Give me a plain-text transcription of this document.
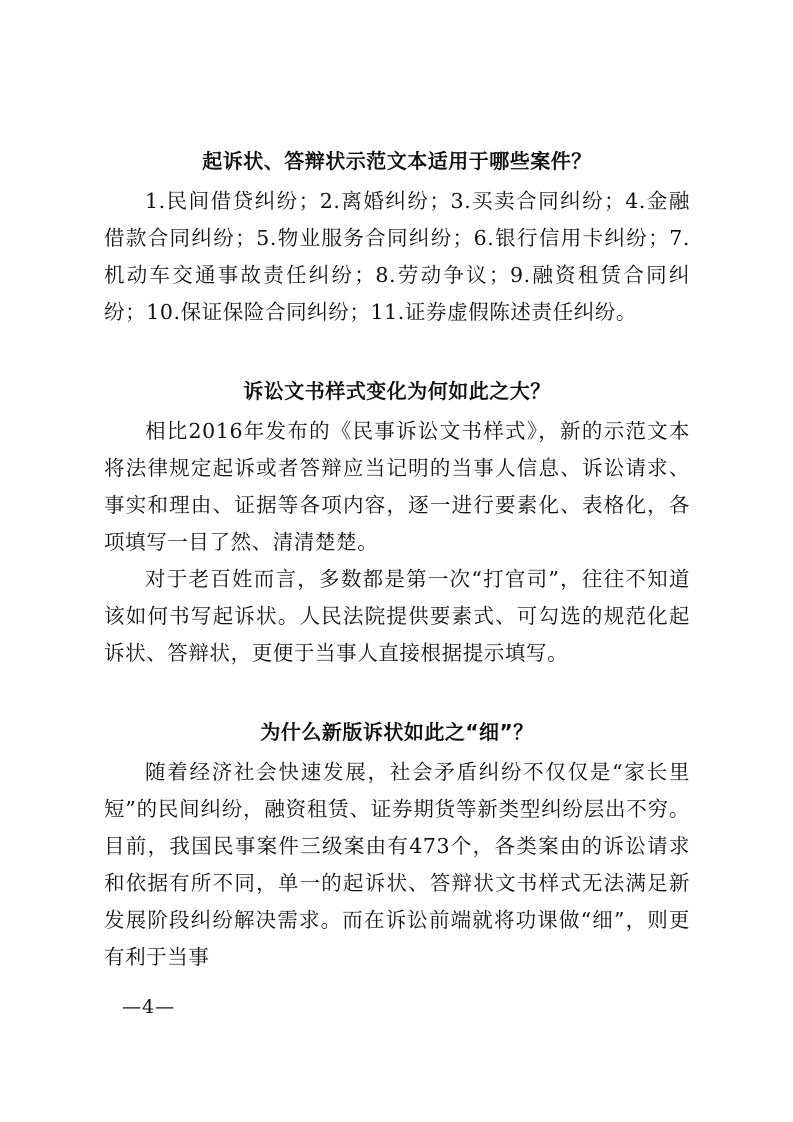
起诉状、答辩状示范文本适用于哪些案件？

1.民间借贷纠纷；2.离婚纠纷；3.买卖合同纠纷；4.金融借款合同纠纷；5.物业服务合同纠纷；6.银行信用卡纠纷；7.机动车交通事故责任纠纷；8.劳动争议；9.融资租赁合同纠纷；10.保证保险合同纠纷；11.证券虚假陈述责任纠纷。

诉讼文书样式变化为何如此之大？

相比2016年发布的《民事诉讼文书样式》，新的示范文本将法律规定起诉或者答辩应当记明的当事人信息、诉讼请求、事实和理由、证据等各项内容，逐一进行要素化、表格化，各项填写一目了然、清清楚楚。

对于老百姓而言，多数都是第一次“打官司”，往往不知道该如何书写起诉状。人民法院提供要素式、可勾选的规范化起诉状、答辩状，更便于当事人直接根据提示填写。

为什么新版诉状如此之“细”？

随着经济社会快速发展，社会矛盾纠纷不仅仅是“家长里短”的民间纠纷，融资租赁、证券期货等新类型纠纷层出不穷。目前，我国民事案件三级案由有473个，各类案由的诉讼请求和依据有所不同，单一的起诉状、答辩状文书样式无法满足新发展阶段纠纷解决需求。而在诉讼前端就将功课做“细”，则更有利于当事

—4—
